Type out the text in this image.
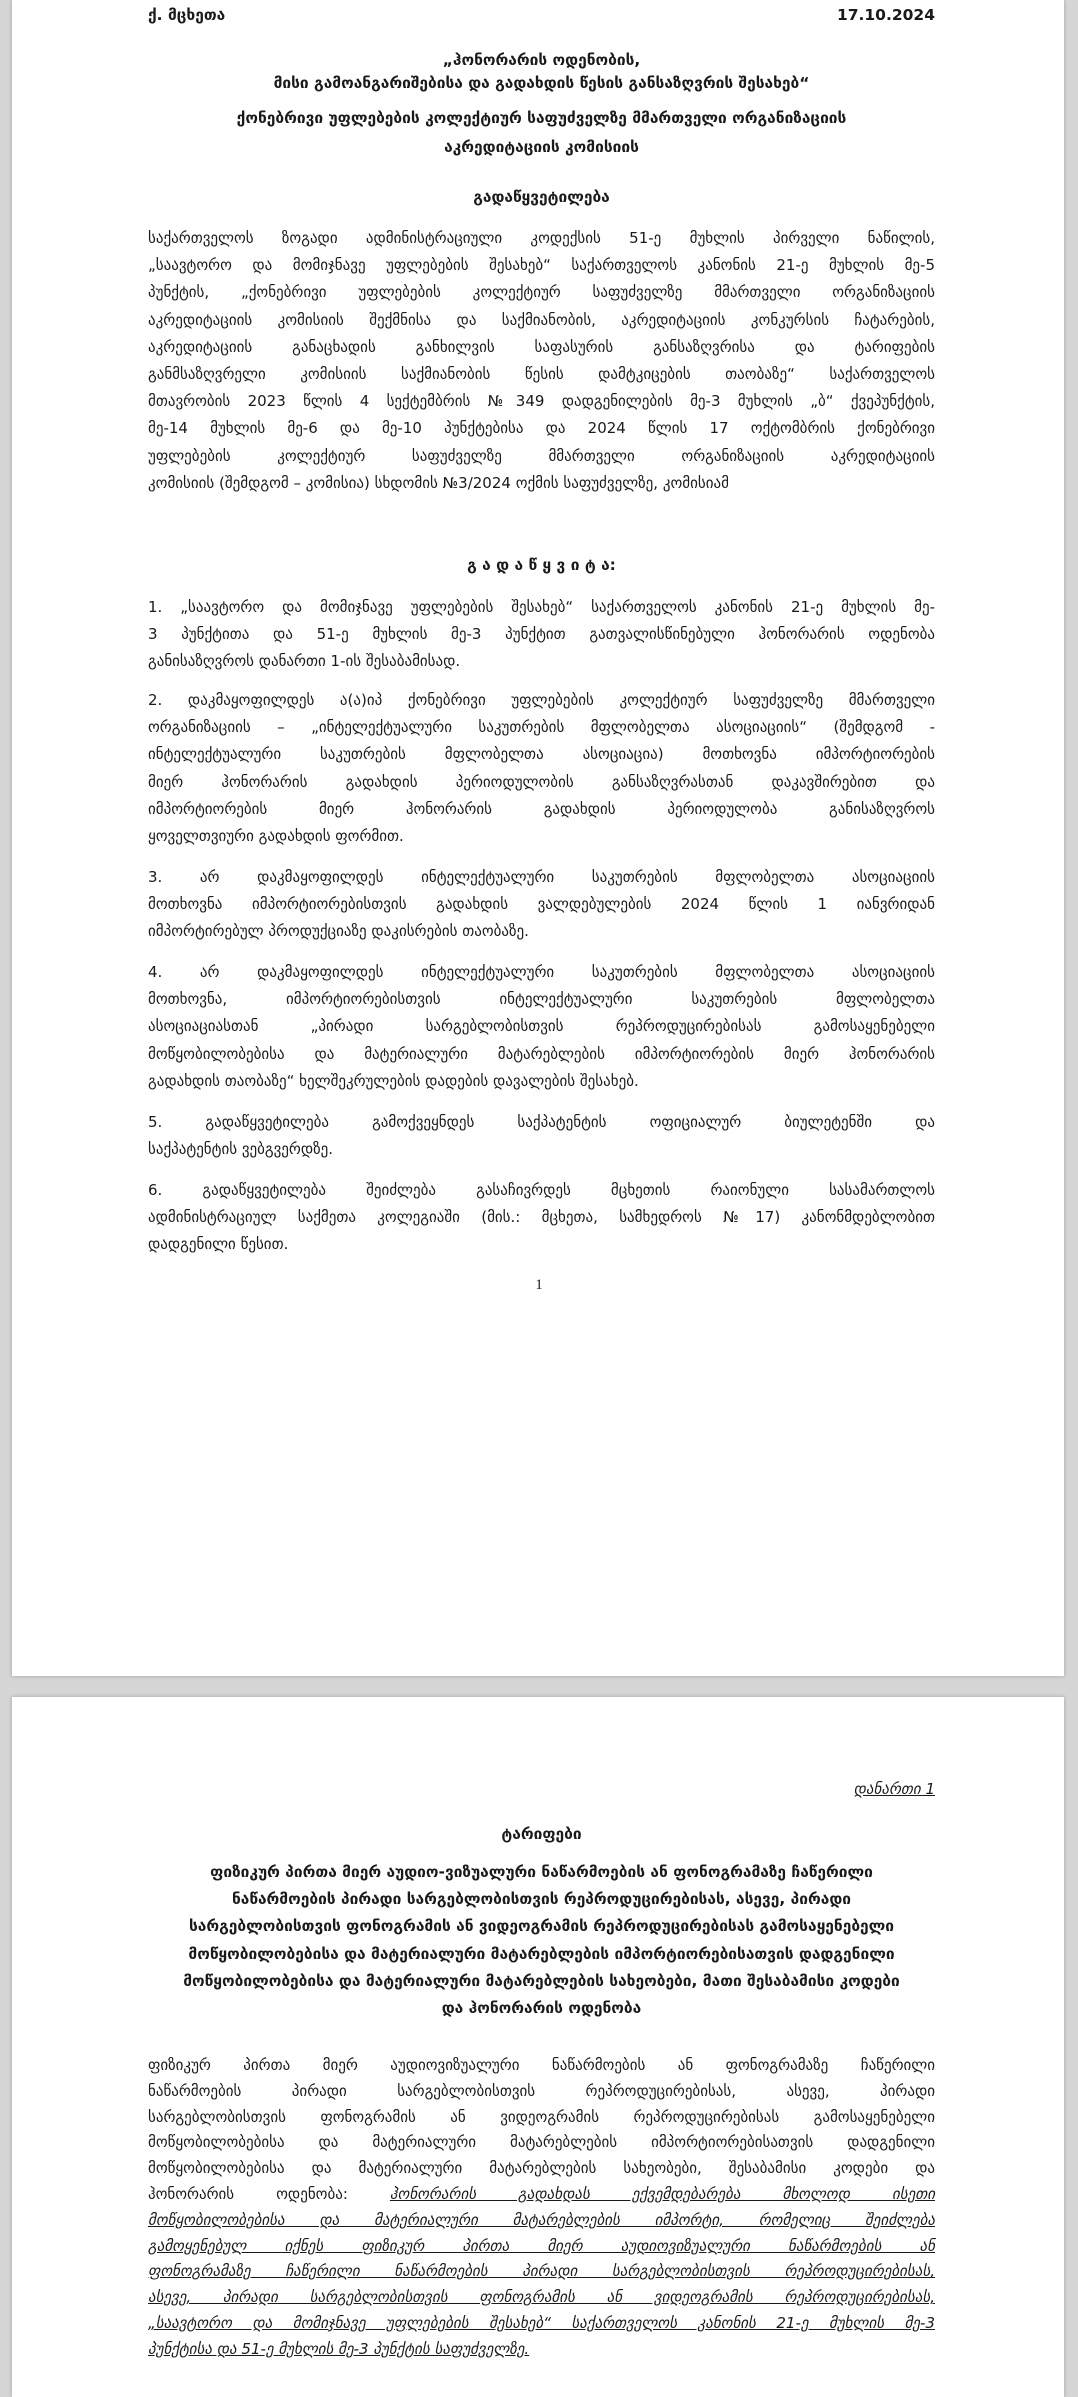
ქ. მცხეთა	17.10.2024
„ჰონორარის ოდენობის,
მისი გამოანგარიშებისა და გადახდის წესის განსაზღვრის შესახებ“
ქონებრივი უფლებების კოლექტიურ საფუძველზე მმართველი ორგანიზაციის
აკრედიტაციის კომისიის
გადაწყვეტილება
საქართველოს ზოგადი ადმინისტრაციული კოდექსის 51-ე მუხლის პირველი ნაწილის,
„საავტორო და მომიჯნავე უფლებების შესახებ“ საქართველოს კანონის 21-ე მუხლის მე-5
პუნქტის, „ქონებრივი უფლებების კოლექტიურ საფუძველზე მმართველი ორგანიზაციის
აკრედიტაციის კომისიის შექმნისა და საქმიანობის, აკრედიტაციის კონკურსის ჩატარების,
აკრედიტაციის განაცხადის განხილვის საფასურის განსაზღვრისა და ტარიფების
განმსაზღვრელი კომისიის საქმიანობის წესის დამტკიცების თაობაზე“ საქართველოს
მთავრობის 2023 წლის 4 სექტემბრის №349 დადგენილების მე-3 მუხლის „ბ“ ქვეპუნქტის,
მე-14 მუხლის მე-6 და მე-10 პუნქტებისა და 2024 წლის 17 ოქტომბრის ქონებრივი
უფლებების კოლექტიურ საფუძველზე მმართველი ორგანიზაციის აკრედიტაციის
კომისიის (შემდგომ – კომისია) სხდომის №3/2024 ოქმის საფუძველზე, კომისიამ
გ ა დ ა წ ყ ვ ი ტ ა:
1. „საავტორო და მომიჯნავე უფლებების შესახებ“ საქართველოს კანონის 21-ე მუხლის მე-
3 პუნქტითა და 51-ე მუხლის მე-3 პუნქტით გათვალისწინებული ჰონორარის ოდენობა
განისაზღვროს დანართი 1-ის შესაბამისად.
2. დაკმაყოფილდეს ა(ა)იპ ქონებრივი უფლებების კოლექტიურ საფუძველზე მმართველი
ორგანიზაციის – „ინტელექტუალური საკუთრების მფლობელთა ასოციაციის“ (შემდგომ -
ინტელექტუალური საკუთრების მფლობელთა ასოციაცია) მოთხოვნა იმპორტიორების
მიერ ჰონორარის გადახდის პერიოდულობის განსაზღვრასთან დაკავშირებით და
იმპორტიორების მიერ ჰონორარის გადახდის პერიოდულობა განისაზღვროს
ყოველთვიური გადახდის ფორმით.
3. არ დაკმაყოფილდეს ინტელექტუალური საკუთრების მფლობელთა ასოციაციის
მოთხოვნა იმპორტიორებისთვის გადახდის ვალდებულების 2024 წლის 1 იანვრიდან
იმპორტირებულ პროდუქციაზე დაკისრების თაობაზე.
4. არ დაკმაყოფილდეს ინტელექტუალური საკუთრების მფლობელთა ასოციაციის
მოთხოვნა, იმპორტიორებისთვის ინტელექტუალური საკუთრების მფლობელთა
ასოციაციასთან „პირადი სარგებლობისთვის რეპროდუცირებისას გამოსაყენებელი
მოწყობილობებისა და მატერიალური მატარებლების იმპორტიორების მიერ ჰონორარის
გადახდის თაობაზე“ ხელშეკრულების დადების დავალების შესახებ.
5. გადაწყვეტილება გამოქვეყნდეს საქპატენტის ოფიციალურ ბიულეტენში და
საქპატენტის ვებგვერდზე.
6. გადაწყვეტილება შეიძლება გასაჩივრდეს მცხეთის რაიონული სასამართლოს
ადმინისტრაციულ საქმეთა კოლეგიაში (მის.: მცხეთა, სამხედროს №17) კანონმდებლობით
დადგენილი წესით.
1
დანართი 1
ტარიფები
ფიზიკურ პირთა მიერ აუდიო-ვიზუალური ნაწარმოების ან ფონოგრამაზე ჩაწერილი
ნაწარმოების პირადი სარგებლობისთვის რეპროდუცირებისას, ასევე, პირადი
სარგებლობისთვის ფონოგრამის ან ვიდეოგრამის რეპროდუცირებისას გამოსაყენებელი
მოწყობილობებისა და მატერიალური მატარებლების იმპორტიორებისათვის დადგენილი
მოწყობილობებისა და მატერიალური მატარებლების სახეობები, მათი შესაბამისი კოდები
და ჰონორარის ოდენობა
ფიზიკურ პირთა მიერ აუდიოვიზუალური ნაწარმოების ან ფონოგრამაზე ჩაწერილი
ნაწარმოების პირადი სარგებლობისთვის რეპროდუცირებისას, ასევე, პირადი
სარგებლობისთვის ფონოგრამის ან ვიდეოგრამის რეპროდუცირებისას გამოსაყენებელი
მოწყობილობებისა და მატერიალური მატარებლების იმპორტიორებისათვის დადგენილი
მოწყობილობებისა და მატერიალური მატარებლების სახეობები, შესაბამისი კოდები და
ჰონორარის ოდენობა: ჰონორარის გადახდას ექვემდებარება მხოლოდ ისეთი
მოწყობილობებისა და მატერიალური მატარებლების იმპორტი, რომელიც შეიძლება
გამოყენებულ იქნეს ფიზიკურ პირთა მიერ აუდიოვიზუალური ნაწარმოების ან
ფონოგრამაზე ჩაწერილი ნაწარმოების პირადი სარგებლობისთვის რეპროდუცირებისას,
ასევე, პირადი სარგებლობისთვის ფონოგრამის ან ვიდეოგრამის რეპროდუცირებისას,
„საავტორო და მომიჯნავე უფლებების შესახებ“ საქართველოს კანონის 21-ე მუხლის მე-3
პუნქტისა და 51-ე მუხლის მე-3 პუნქტის საფუძველზე.
